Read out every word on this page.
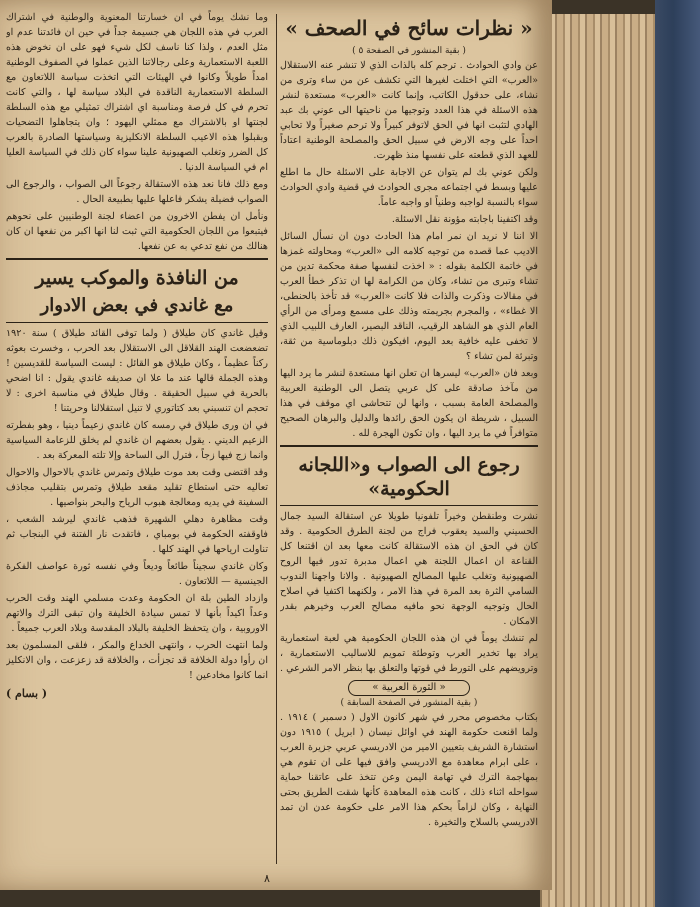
« نظرات سائح في الصحف »
( بقية المنشور في الصفحة ٥ )

عن وادي الحوادث . ترجم كله بالذات الذي لا تنشر عنه الاستقلال «العرب» التي اختلت لغيرها التي تكشف عن من ساء وترى من نشاء، على حدقول الكاتب، وإنما كانت «العرب» مستعدة لنشر هذه الاسئلة في هذا العدد وتوجيها من ناحيتها الى عوني بك عبد الهادي لتثبت انها في الحق لاتوفر كبيراً ولا ترحم صغيراً ولا تحابي احداً على وجه الارض في سبيل الحق والمصلحة الوطنية اعتاداً للعهد الذي قطعته على نفسها منذ ظهرت.

ولكن عوني بك لم يتوان عن الاجابة على الاسئلة حال ما اطلع عليها وبسط في اجتماعه مجرى الحوادث في قضية وادي الحوادث سواء بالنسبة لواجبه وطنياً او واجبه عاماً.

وقد اكتفينا باجابته مؤونة نقل الاسئلة.

الا اننا لا نريد ان نمر امام هذا الحادث دون ان نسأل السائل الاديب عما قصده من توجيه كلامه الى «العرب» ومحاولته غمزها في خاتمة الكلمة بقوله : « اخذت لنفسها صفة محكمة تدين من تشاء وتبرى من تشاء، وكان من الكرامة لها ان تذكر خطأ العرب في مقالات وذكرت والذات فلا كانت «العرب» قد تأخذ بالحنطى، الا غطاء» ، والمجرم بجريمته وذلك على مسمع ومرأى من الرأي العام الذي هو الشاهد الرقيب، الناقد البصير، العارف اللبيب الذي لا تخفى عليه خافية بعد اليوم، افيكون ذلك دبلوماسية من ثقة، وتبرئة لمن تشاء ؟

وبعد فان «العرب» ليسرها ان تعلن انها مستعدة لنشر ما يرد اليها من مآخذ صادقة على كل عربي يتصل الى الوطنية العربية والمصلحة العامة بسبب ، وانها لن تتحاشى اي موقف في هذا السبيل ، شريطة ان يكون الحق رائدها والدليل والبرهان الصحيح متوافراً في ما يرد اليها ، وان تكون الهجرة لله .

رجوع الى الصواب و«اللجانه الحكومية»

نشرت وطنقطن وخيراً تلفونيا طويلا عن استقالة السيد جمال الحسيني والسيد يعقوب فراج من لجنة الطرق الحكومية . وقد كان في الحق ان هذه الاستقالة كانت معها بعد ان اقتنعا كل القناعة ان اعمال اللجنة هي اعمال مدبرة تدور فيها الروح الصهيونية وتغلب عليها المصالح الصهيونية . والانا واجهنا الندوب السامي الثرة بعد المرة في هذا الامر ، ولكنهما اكتفيا في اصلاح الحال وتوجيه الوجهة نحو مافيه مصالح العرب وخيرهم بقدر الامكان .

لم تنشك يوماً في ان هذه اللجان الحكومية هي لعبة استعمارية يراد بها تخدير العرب وتوطئة تمويم للاساليب الاستعمارية ، وترويضهم على التورط في قوتها والتعلق بها بنظر الامر الشرعي .

« الثورة العربية »
( بقية المنشور في الصفحة السابقة )

بكتاب مخصوص محرر في شهر كانون الاول ( دسمبر ) ١٩١٤ . ولما اقنعت حكومة الهند في اوائل نيسان ( ابريل ) ١٩١٥ دون استشارة الشريف بتعيين الامير من الادريسي عربي جزيرة العرب ، على ابرام معاهدة مع الادريسي وافق فيها على ان تقوم هي بمهاجمة الترك في تهامة اليمن وعن تتخذ على عاتقنا حماية سواحله اثناء ذلك ، كانت هذه المعاهدة كأنها شقت الطريق بحتى النهاية ، وكان لزاماً بحكم هذا الامر على حكومة عدن ان تمد الادريسي بالسلاح والتخيرة .

وما نشك يوماً في ان خسارتنا المعنوية والوطنية في اشتراك العرب في هذه اللجان هي جسيمة جداً في حين ان فائدتنا عدم او مثل العدم ، ولذا كنا ناسف لكل شيء فهو على ان نخوض هذه اللعبة الاستعمارية وعلى رجالاتنا الذين عملوا في الصفوف الوطنية امداً طويلاً وكانوا في الهيئات التي اتخذت سياسة اللاتعاون مع السلطة الاستعمارية الناقدة في البلاد سياسة لها ، والتي كانت تحرم في كل فرصة ومناسبة اي اشتراك تمثيلي مع هذه السلطة لجنتها او بالاشتراك مع ممثلي اليهود ؛ وان يتجاهلوا التضحيات وبقبلوا هذه الاعيب السلطة الانكليزية وسياستها الصادرة بالعرب كل الضرر وتغلب الصهيونية علينا سواء كان ذلك في السياسة العليا ام في السياسة الدنيا .

ومع ذلك فانا نعد هذه الاستقالة رجوعاً الى الصواب ، والرجوع الى الصواب فضيلة يشكر فاعلها عليها بطبيعة الحال .

ونأمل ان يفطن الاخرون من اعضاء لجنة الوطنيين على نحوهم فيتبعوا من اللجان الحكومية التي ثبت لنا انها اكبر من نفعها ان كان هنالك من نفع تدعي به عن نفعها.

من النافذة والموكب يسير
مع غاندي في بعض الادوار

وقيل غاندي كان طيلاق ( ولما توفى القائد طيلاق ) سنة ١٩٢٠ تضعضعت الهند القلاقل الى الاستقلال بعد الحرب ، وخسرت بعوثه ركناً عظيماً ، وكان طيلاق هو القائل : ليست السياسة للقديسين ! وهذه الجملة قالها عند ما علا ان صديقه غاندي يقول : انا اضحي بالحرية في سبيل الحقيقة . وقال طيلاق في مناسبة اخرى : لا تحجم ان تنسبني بعد كتاتوري لا تنيل استقلالنا وحريتنا !

في ان ورى طيلاق في رمسه كان غاندي زعيماً دينيا ، وهو بفطرته الزعيم الديني . يقول بعضهم ان غاندي لم يخلق للزعامة السياسية وانما زج فيها زجاً ، فترل الى الساحة وإلا تلته المعركة بعد .

وقد اقتضى وقت بعد موت طيلاق وتمرس غاندي بالاحوال والاحوال تعاليه حتى استطاع تقليد مقعد طيلاق وتمرس بتقليب مجاذف السفينة في يديه ومعالجة هبوب الرياح والبحر بنواصيها .

وقت مظاهرة دهلي الشهيرة فذهب غاندي ليرشد الشعب ، فاوقفته الحكومة في بومباي ، فاتقدت نار الفتنة في البنجاب ثم تناولت ارياحها في الهند كلها .

وكان غاندي سجيناً طائعاً وديعاً وفي نفسه ثورة عواصف الفكرة الجينسية — اللاتعاون .

وازداد الطين بلة ان الحكومة وعدت مسلمي الهند وقت الحرب وعداً اكيداً بأنها لا تمس سيادة الخليفة وان تبقى الترك والاتهم الاوروبية ، وان يتحفظ الخليفة بالبلاد المقدسة وبلاد العرب جميعاً .

ولما انتهت الحرب ، وانتهى الخداع والمكر ، فلقى المسلمون بعد ان رأوا دولة الخلافة قد تجزأت ، والخلافة قد زعزعت ، وان الانكليز انما كانوا مخادعين !

( بسام )
٨
